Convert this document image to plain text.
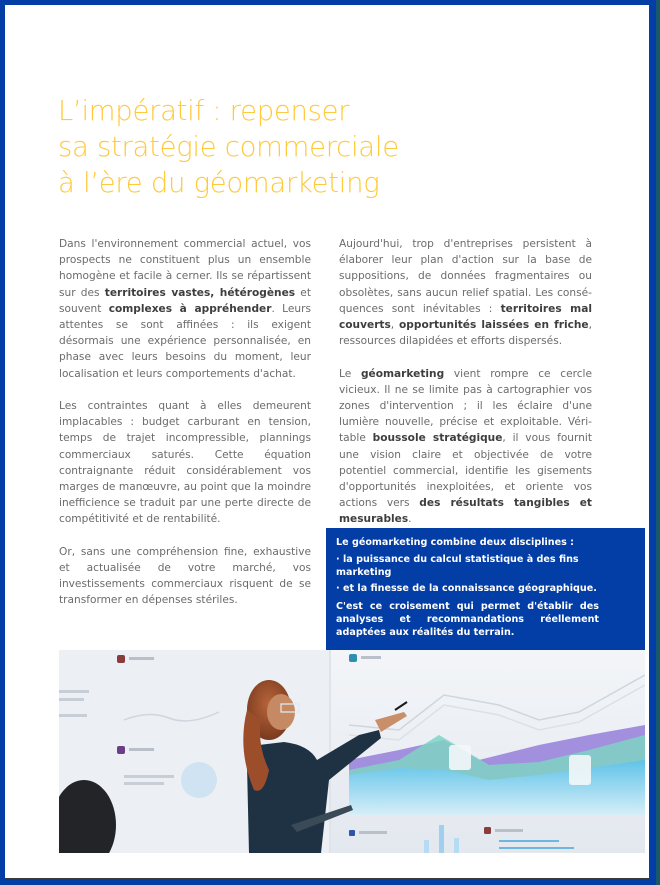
L’impératif : repenser
sa stratégie commerciale
à l’ère du géomarketing

Dans l'environnement commercial actuel, vos prospects ne constituent plus un ensemble homogène et facile à cerner. Ils se répartissent sur des territoires vastes, hétérogènes et souvent complexes à appréhender. Leurs attentes se sont affinées : ils exigent désormais une expérience personnalisée, en phase avec leurs besoins du moment, leur localisation et leurs comportements d'achat.

Les contraintes quant à elles demeurent implacables : budget carburant en tension, temps de trajet incompressible, plannings commerciaux saturés. Cette équation contraignante réduit considérablement vos marges de manœuvre, au point que la moindre inefficience se traduit par une perte directe de compétitivité et de rentabilité.

Or, sans une compréhension fine, exhaustive et actualisée de votre marché, vos investissements commerciaux risquent de se transformer en dépenses stériles.

Aujourd'hui, trop d'entreprises persistent à élaborer leur plan d'action sur la base de suppositions, de données fragmentaires ou obsolètes, sans aucun relief spatial. Les conséquences sont inévitables : territoires mal couverts, opportunités laissées en friche, ressources dilapidées et efforts dispersés.

Le géomarketing vient rompre ce cercle vicieux. Il ne se limite pas à cartographier vos zones d'intervention ; il les éclaire d'une lumière nouvelle, précise et exploitable. Véritable boussole stratégique, il vous fournit une vision claire et objectivée de votre potentiel commercial, identifie les gisements d'opportunités inexploitées, et oriente vos actions vers des résultats tangibles et mesurables.

Le géomarketing combine deux disciplines :

· la puissance du calcul statistique à des fins marketing

· et la finesse de la connaissance géographique.

C'est ce croisement qui permet d'établir des analyses et recommandations réellement adaptées aux réalités du terrain.
